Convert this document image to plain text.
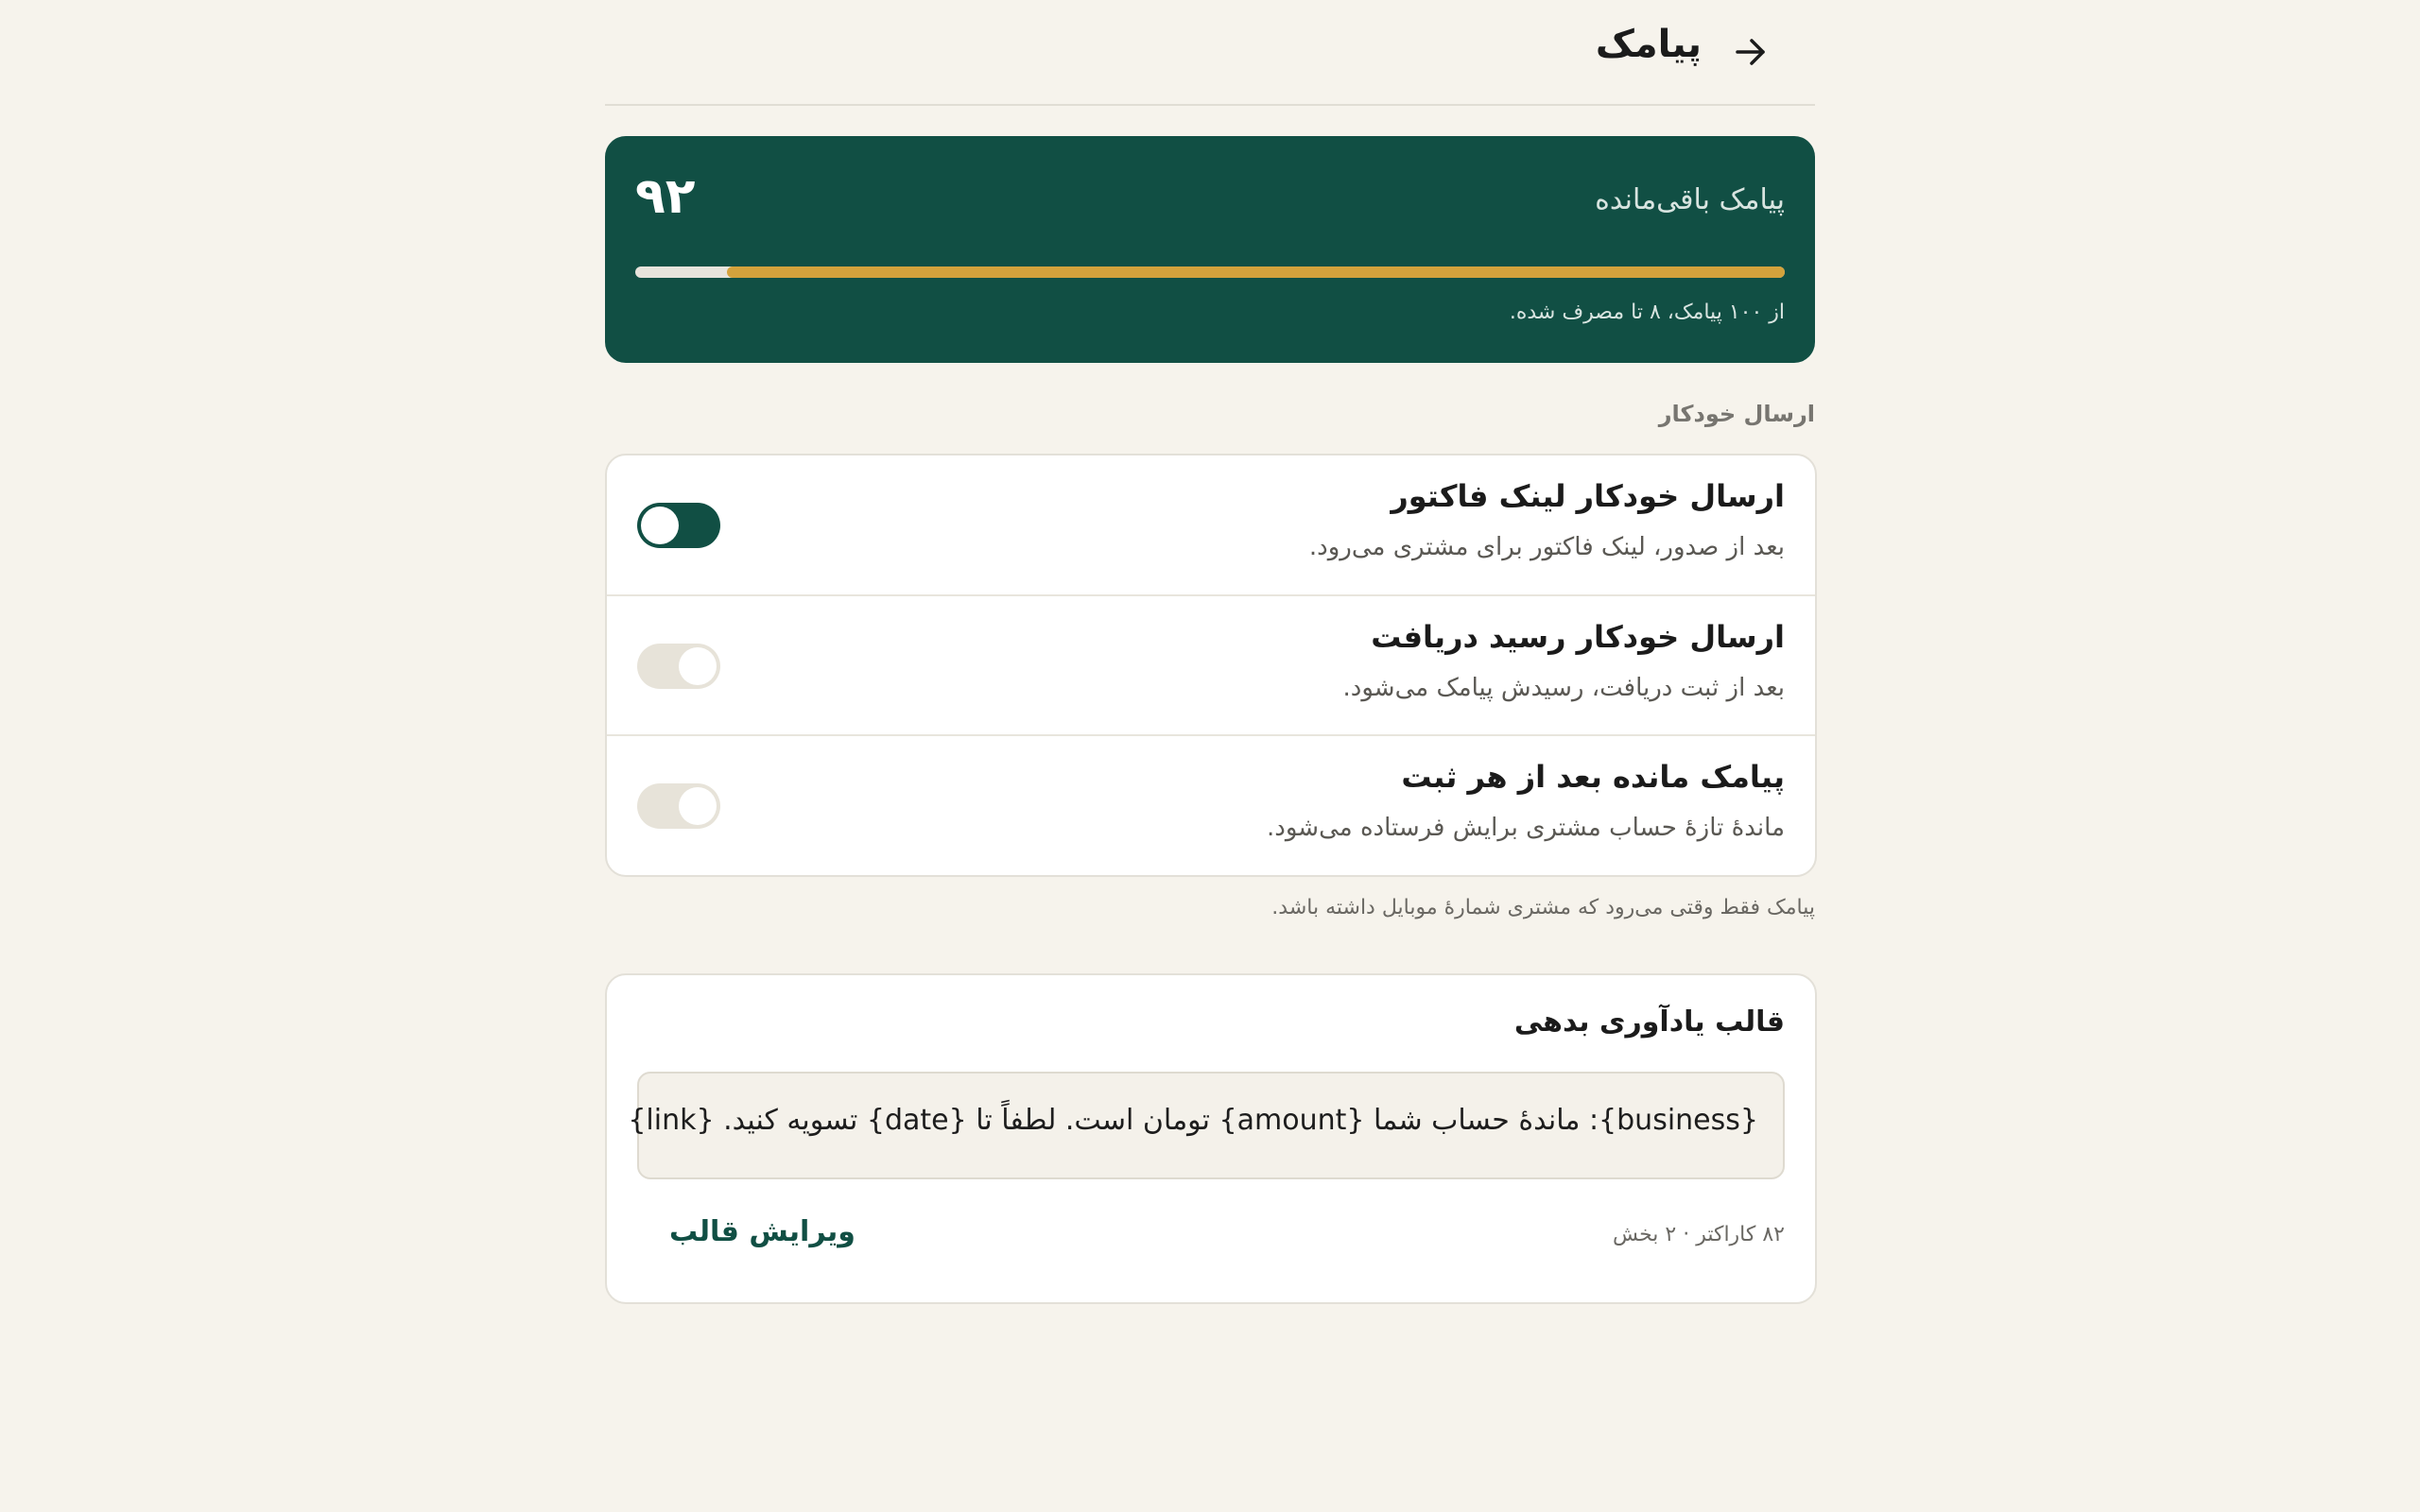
پیامک
پیامک باقی‌مانده
۹۲
از ۱۰۰ پیامک، ۸ تا مصرف شده.
ارسال خودکار
ارسال خودکار لینک فاکتور
بعد از صدور، لینک فاکتور برای مشتری می‌رود.
ارسال خودکار رسید دریافت
بعد از ثبت دریافت، رسیدش پیامک می‌شود.
پیامک مانده بعد از هر ثبت
ماندهٔ تازهٔ حساب مشتری برایش فرستاده می‌شود.
پیامک فقط وقتی می‌رود که مشتری شمارهٔ موبایل داشته باشد.
قالب یادآوری بدهی
{business}: ماندهٔ حساب شما {amount} تومان است. لطفاً تا {date} تسویه کنید. {link}
۸۲ کاراکتر · ۲ بخش
ویرایش قالب
